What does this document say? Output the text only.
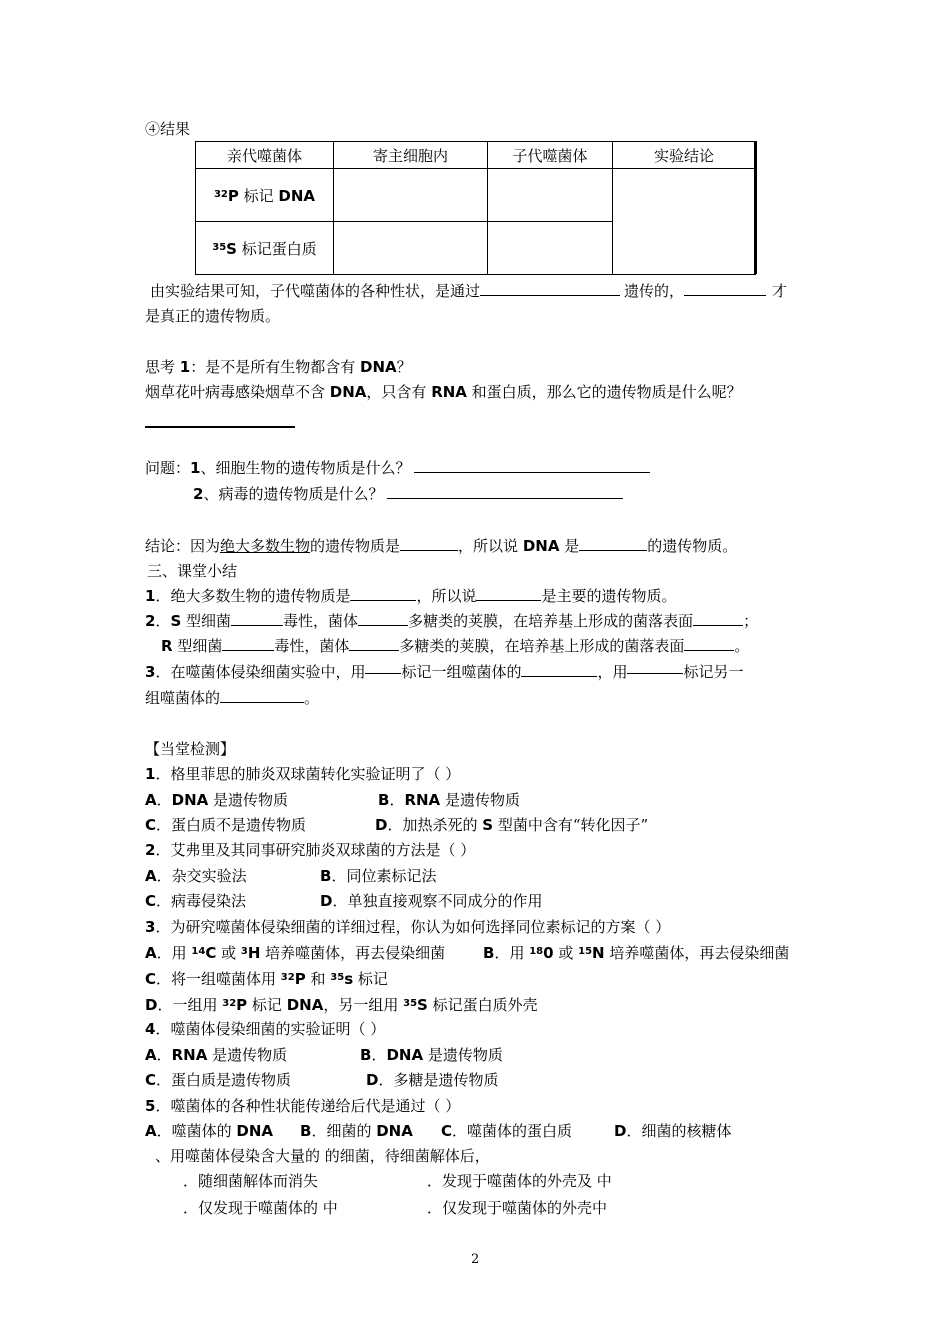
④结果
亲代噬菌体	寄主细胞内	子代噬菌体	实验结论
$^{32}$P 标记 DNA			
$^{35}$S 标记蛋白质			
由实验结果可知，子代噬菌体的各种性状，是通过	遗传的，	才
是真正的遗传物质。
思考 1：是不是所有生物都含有 DNA？
烟草花叶病毒感染烟草不含 DNA，只含有 RNA 和蛋白质，那么它的遗传物质是什么呢？
问题：1、细胞生物的遗传物质是什么？
2、病毒的遗传物质是什么？
结论：因为绝大多数生物的遗传物质是	，所以说 DNA 是	的遗传物质。
三、课堂小结
1．绝大多数生物的遗传物质是	，所以说	是主要的遗传物质。
2．S 型细菌	毒性，菌体	多糖类的荚膜，在培养基上形成的菌落表面	；
R 型细菌	毒性，菌体	多糖类的荚膜，在培养基上形成的菌落表面	。
3．在噬菌体侵染细菌实验中，用 标记一组噬菌体的	，用	标记另一
组噬菌体的	。
【当堂检测】
1．格里菲思的肺炎双球菌转化实验证明了（ ）
A．DNA 是遗传物质	B．RNA 是遗传物质
C．蛋白质不是遗传物质	D．加热杀死的 S 型菌中含有“转化因子”
2．艾弗里及其同事研究肺炎双球菌的方法是（ ）
A．杂交实验法	B．同位素标记法
C．病毒侵染法	D．单独直接观察不同成分的作用
3．为研究噬菌体侵染细菌的详细过程，你认为如何选择同位素标记的方案（ ）
A．用 $^{14}$C 或 $^3$H 培养噬菌体，再去侵染细菌	B．用 $^{18}$0 或 $^{15}$N 培养噬菌体，再去侵染细菌
C．将一组噬菌体用 $^{32}$P 和 $^{35}$s 标记
D．一组用 $^{32}$P 标记 DNA，另一组用 $^{35}$S 标记蛋白质外壳
4．噬菌体侵染细菌的实验证明（ ）
A．RNA 是遗传物质	B．DNA 是遗传物质
C．蛋白质是遗传物质	D．多糖是遗传物质
5．噬菌体的各种性状能传递给后代是通过（ ）
A．噬菌体的 DNA B．细菌的 DNA C．噬菌体的蛋白质	D．细菌的核糖体
、用噬菌体侵染含大量的 的细菌，待细菌解体后，
．随细菌解体而消失	．发现于噬菌体的外壳及 中
．仅发现于噬菌体的 中	．仅发现于噬菌体的外壳中
2
